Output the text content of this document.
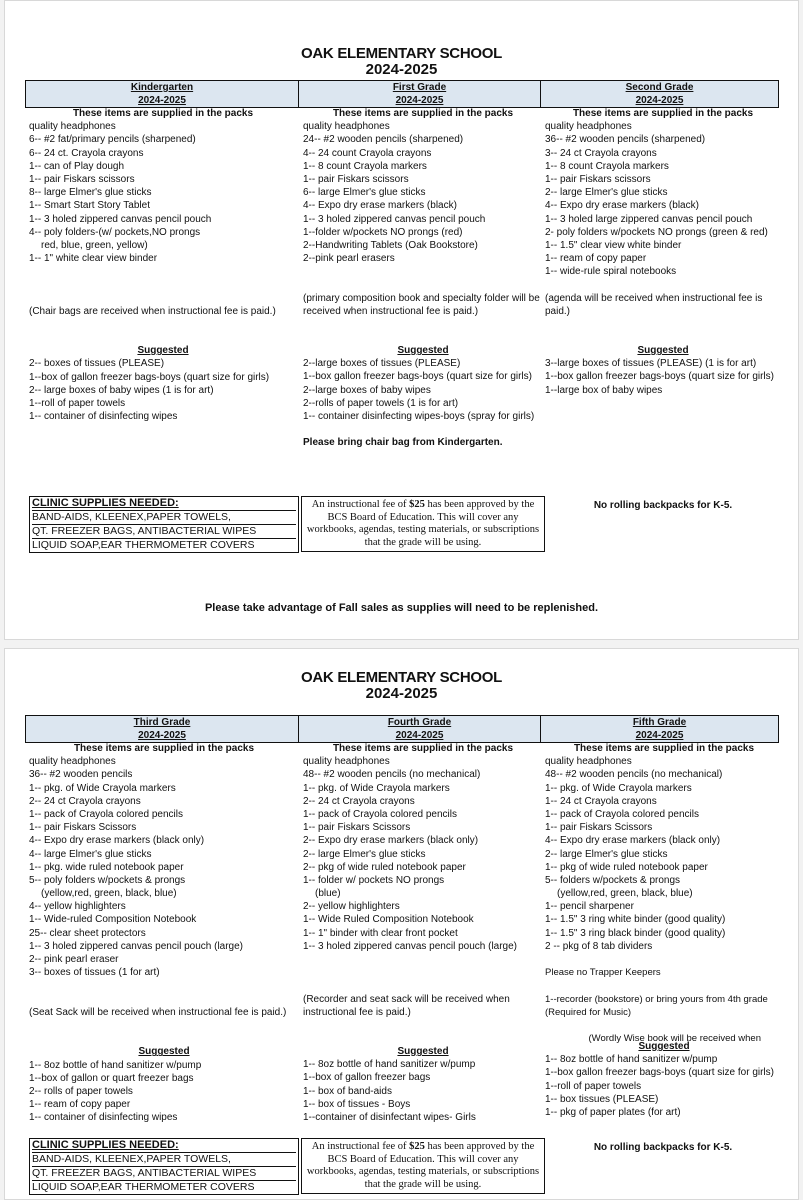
OAK ELEMENTARY SCHOOL
2024-2025
Kindergarten
2024-2025
First Grade
2024-2025
Second Grade
2024-2025
These items are supplied in the packs
quality headphones
6-- #2 fat/primary pencils (sharpened)
6-- 24 ct. Crayola crayons
1-- can of Play dough
1-- pair Fiskars scissors
8-- large Elmer's glue sticks
1-- Smart Start Story Tablet
1-- 3 holed zippered canvas pencil pouch
4-- poly folders-(w/ pockets,NO prongs
red, blue, green, yellow)
1-- 1" white clear view binder
(Chair bags are received when instructional fee is paid.)
Suggested
2-- boxes of tissues (PLEASE)
1--box of gallon freezer bags-boys (quart size for girls)
2-- large boxes of baby wipes (1 is for art)
1--roll of paper towels
1-- container of disinfecting wipes
These items are supplied in the packs
quality headphones
24-- #2 wooden pencils (sharpened)
4-- 24 count Crayola crayons
1-- 8 count Crayola markers
1-- pair Fiskars scissors
6-- large Elmer's glue sticks
4-- Expo dry erase markers (black)
1-- 3 holed zippered canvas pencil pouch
1--folder w/pockets NO prongs (red)
2--Handwriting Tablets (Oak Bookstore)
2--pink pearl erasers
(primary composition book and specialty folder will be received when instructional fee is paid.)
Suggested
2--large boxes of tissues (PLEASE)
1--box gallon freezer bags-boys (quart size for girls)
2--large boxes of baby wipes
2--rolls of paper towels (1 is for art)
1-- container disinfecting wipes-boys (spray for girls)
Please bring chair bag from Kindergarten.
These items are supplied in the packs
quality headphones
36-- #2 wooden pencils (sharpened)
3-- 24 ct Crayola crayons
1-- 8 count Crayola markers
1-- pair Fiskars scissors
2-- large Elmer's glue sticks
4-- Expo dry erase markers (black)
1-- 3 holed large zippered canvas pencil pouch
2- poly folders w/pockets NO prongs (green & red)
1-- 1.5" clear view white binder
1-- ream of copy paper
1-- wide-rule spiral notebooks
(agenda will be received when instructional fee is paid.)
Suggested
3--large boxes of tissues (PLEASE) (1 is for art)
1--box gallon freezer bags-boys (quart size for girls)
1--large box of baby wipes
CLINIC SUPPLIES NEEDED:
BAND-AIDS, KLEENEX,PAPER TOWELS,
QT. FREEZER BAGS, ANTIBACTERIAL WIPES
LIQUID SOAP,EAR THERMOMETER COVERS
An instructional fee of $25 has been approved by the BCS Board of Education. This will cover any workbooks, agendas, testing materials, or subscriptions that the grade will be using.
No rolling backpacks for K-5.
Please take advantage of Fall sales as supplies will need to be replenished.
OAK ELEMENTARY SCHOOL
2024-2025
Third Grade
2024-2025
Fourth Grade
2024-2025
Fifth Grade
2024-2025
These items are supplied in the packs
quality headphones
36-- #2 wooden pencils
1-- pkg. of Wide Crayola markers
2-- 24 ct Crayola crayons
1-- pack of Crayola colored pencils
1-- pair Fiskars Scissors
4-- Expo dry erase markers (black only)
4-- large Elmer's glue sticks
1-- pkg. wide ruled notebook paper
5-- poly folders w/pockets & prongs
(yellow,red, green, black, blue)
4-- yellow highlighters
1-- Wide-ruled Composition Notebook
25-- clear sheet protectors
1-- 3 holed zippered canvas pencil pouch (large)
2-- pink pearl eraser
3-- boxes of tissues (1 for art)
(Seat Sack will be received when instructional fee is paid.)
Suggested
1-- 8oz bottle of hand sanitizer w/pump
1--box of gallon or quart freezer bags
2-- rolls of paper towels
1-- ream of copy paper
1-- container of disinfecting wipes
These items are supplied in the packs
quality headphones
48-- #2 wooden pencils (no mechanical)
1-- pkg. of Wide Crayola markers
2-- 24 ct Crayola crayons
1-- pack of Crayola colored pencils
1-- pair Fiskars Scissors
2-- Expo dry erase markers (black only)
2-- large Elmer's glue sticks
2-- pkg of wide ruled notebook paper
1-- folder w/ pockets NO prongs
(blue)
2-- yellow highlighters
1-- Wide Ruled Composition Notebook
1-- 1" binder with clear front pocket
1-- 3 holed zippered canvas pencil pouch (large)
(Recorder and seat sack will be received when instructional fee is paid.)
Suggested
1-- 8oz bottle of hand sanitizer w/pump
1--box of gallon freezer bags
1-- box of band-aids
1-- box of tissues - Boys
1--container of disinfectant wipes- Girls
These items are supplied in the packs
quality headphones
48-- #2 wooden pencils (no mechanical)
1-- pkg. of Wide Crayola markers
1-- 24 ct Crayola crayons
1-- pack of Crayola colored pencils
1-- pair Fiskars Scissors
4-- Expo dry erase markers (black only)
2-- large Elmer's glue sticks
1-- pkg of wide ruled notebook paper
5-- folders w/pockets & prongs
(yellow,red, green, black, blue)
1-- pencil sharpener
1-- 1.5" 3 ring white binder (good quality)
1-- 1.5" 3 ring black binder (good quality)
2 -- pkg of 8 tab dividers
Please no Trapper Keepers
1--recorder (bookstore) or bring yours from 4th grade (Required for Music)
(Wordly Wise book will be received when
Suggested
1-- 8oz bottle of hand sanitizer w/pump
1--box gallon freezer bags-boys (quart size for girls)
1--roll of paper towels
1-- box tissues (PLEASE)
1-- pkg of paper plates (for art)
CLINIC SUPPLIES NEEDED:
BAND-AIDS, KLEENEX,PAPER TOWELS,
QT. FREEZER BAGS, ANTIBACTERIAL WIPES
LIQUID SOAP,EAR THERMOMETER COVERS
An instructional fee of $25 has been approved by the BCS Board of Education. This will cover any workbooks, agendas, testing materials, or subscriptions that the grade will be using.
No rolling backpacks for K-5.
